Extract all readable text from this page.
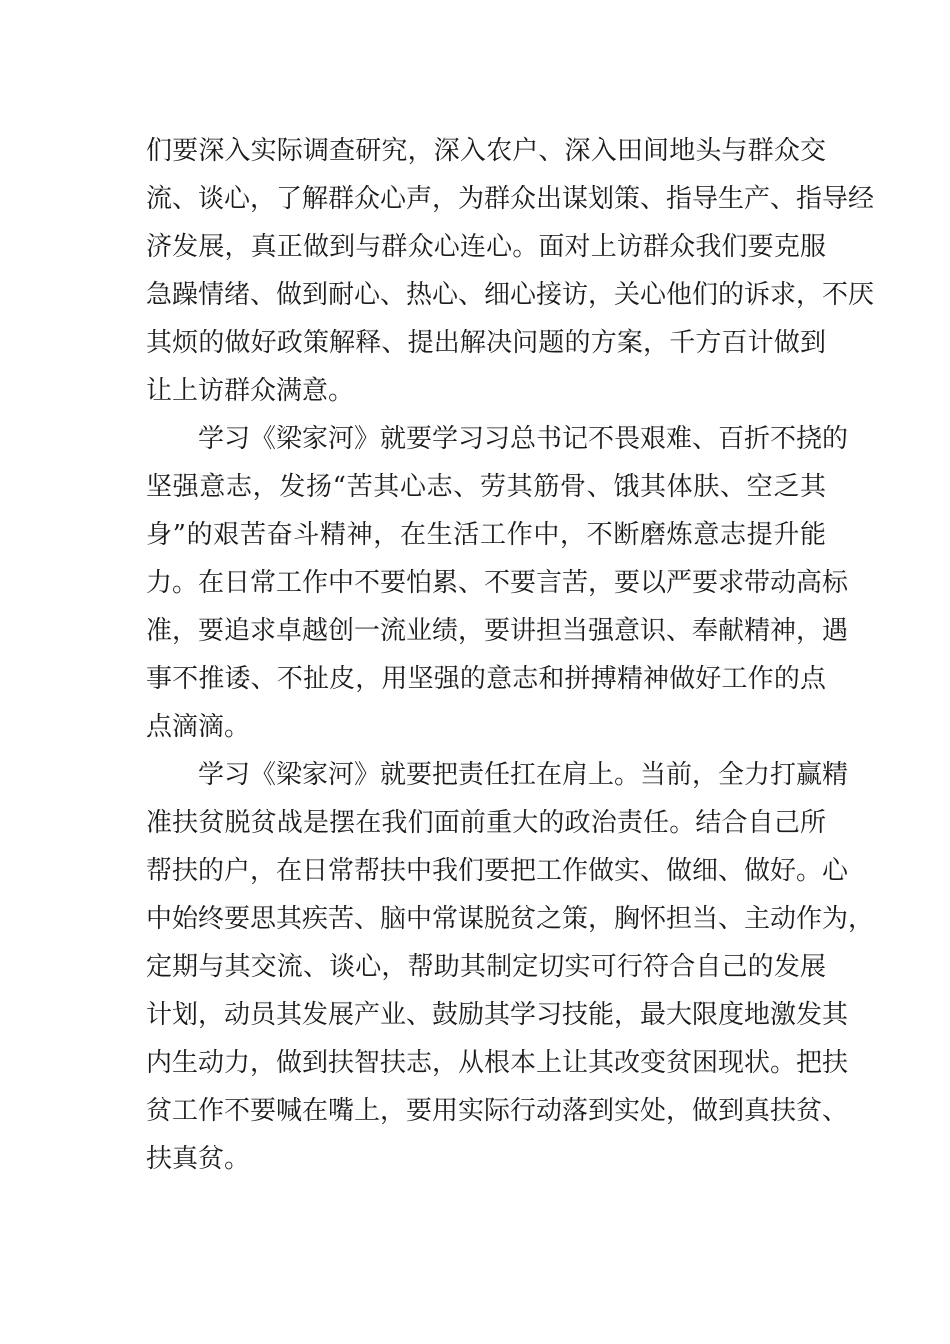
们要深入实际调查研究，深入农户、深入田间地头与群众交
流、谈心，了解群众心声，为群众出谋划策、指导生产、指导经
济发展，真正做到与群众心连心。面对上访群众我们要克服
急躁情绪、做到耐心、热心、细心接访，关心他们的诉求，不厌
其烦的做好政策解释、提出解决问题的方案，千方百计做到
让上访群众满意。
学习《梁家河》就要学习习总书记不畏艰难、百折不挠的
坚强意志，发扬“苦其心志、劳其筋骨、饿其体肤、空乏其
身”的艰苦奋斗精神，在生活工作中，不断磨炼意志提升能
力。在日常工作中不要怕累、不要言苦，要以严要求带动高标
准，要追求卓越创一流业绩，要讲担当强意识、奉献精神，遇
事不推诿、不扯皮，用坚强的意志和拼搏精神做好工作的点
点滴滴。
学习《梁家河》就要把责任扛在肩上。当前，全力打赢精
准扶贫脱贫战是摆在我们面前重大的政治责任。结合自己所
帮扶的户，在日常帮扶中我们要把工作做实、做细、做好。心
中始终要思其疾苦、脑中常谋脱贫之策，胸怀担当、主动作为，
定期与其交流、谈心，帮助其制定切实可行符合自己的发展
计划，动员其发展产业、鼓励其学习技能，最大限度地激发其
内生动力，做到扶智扶志，从根本上让其改变贫困现状。把扶
贫工作不要喊在嘴上，要用实际行动落到实处，做到真扶贫、
扶真贫。
